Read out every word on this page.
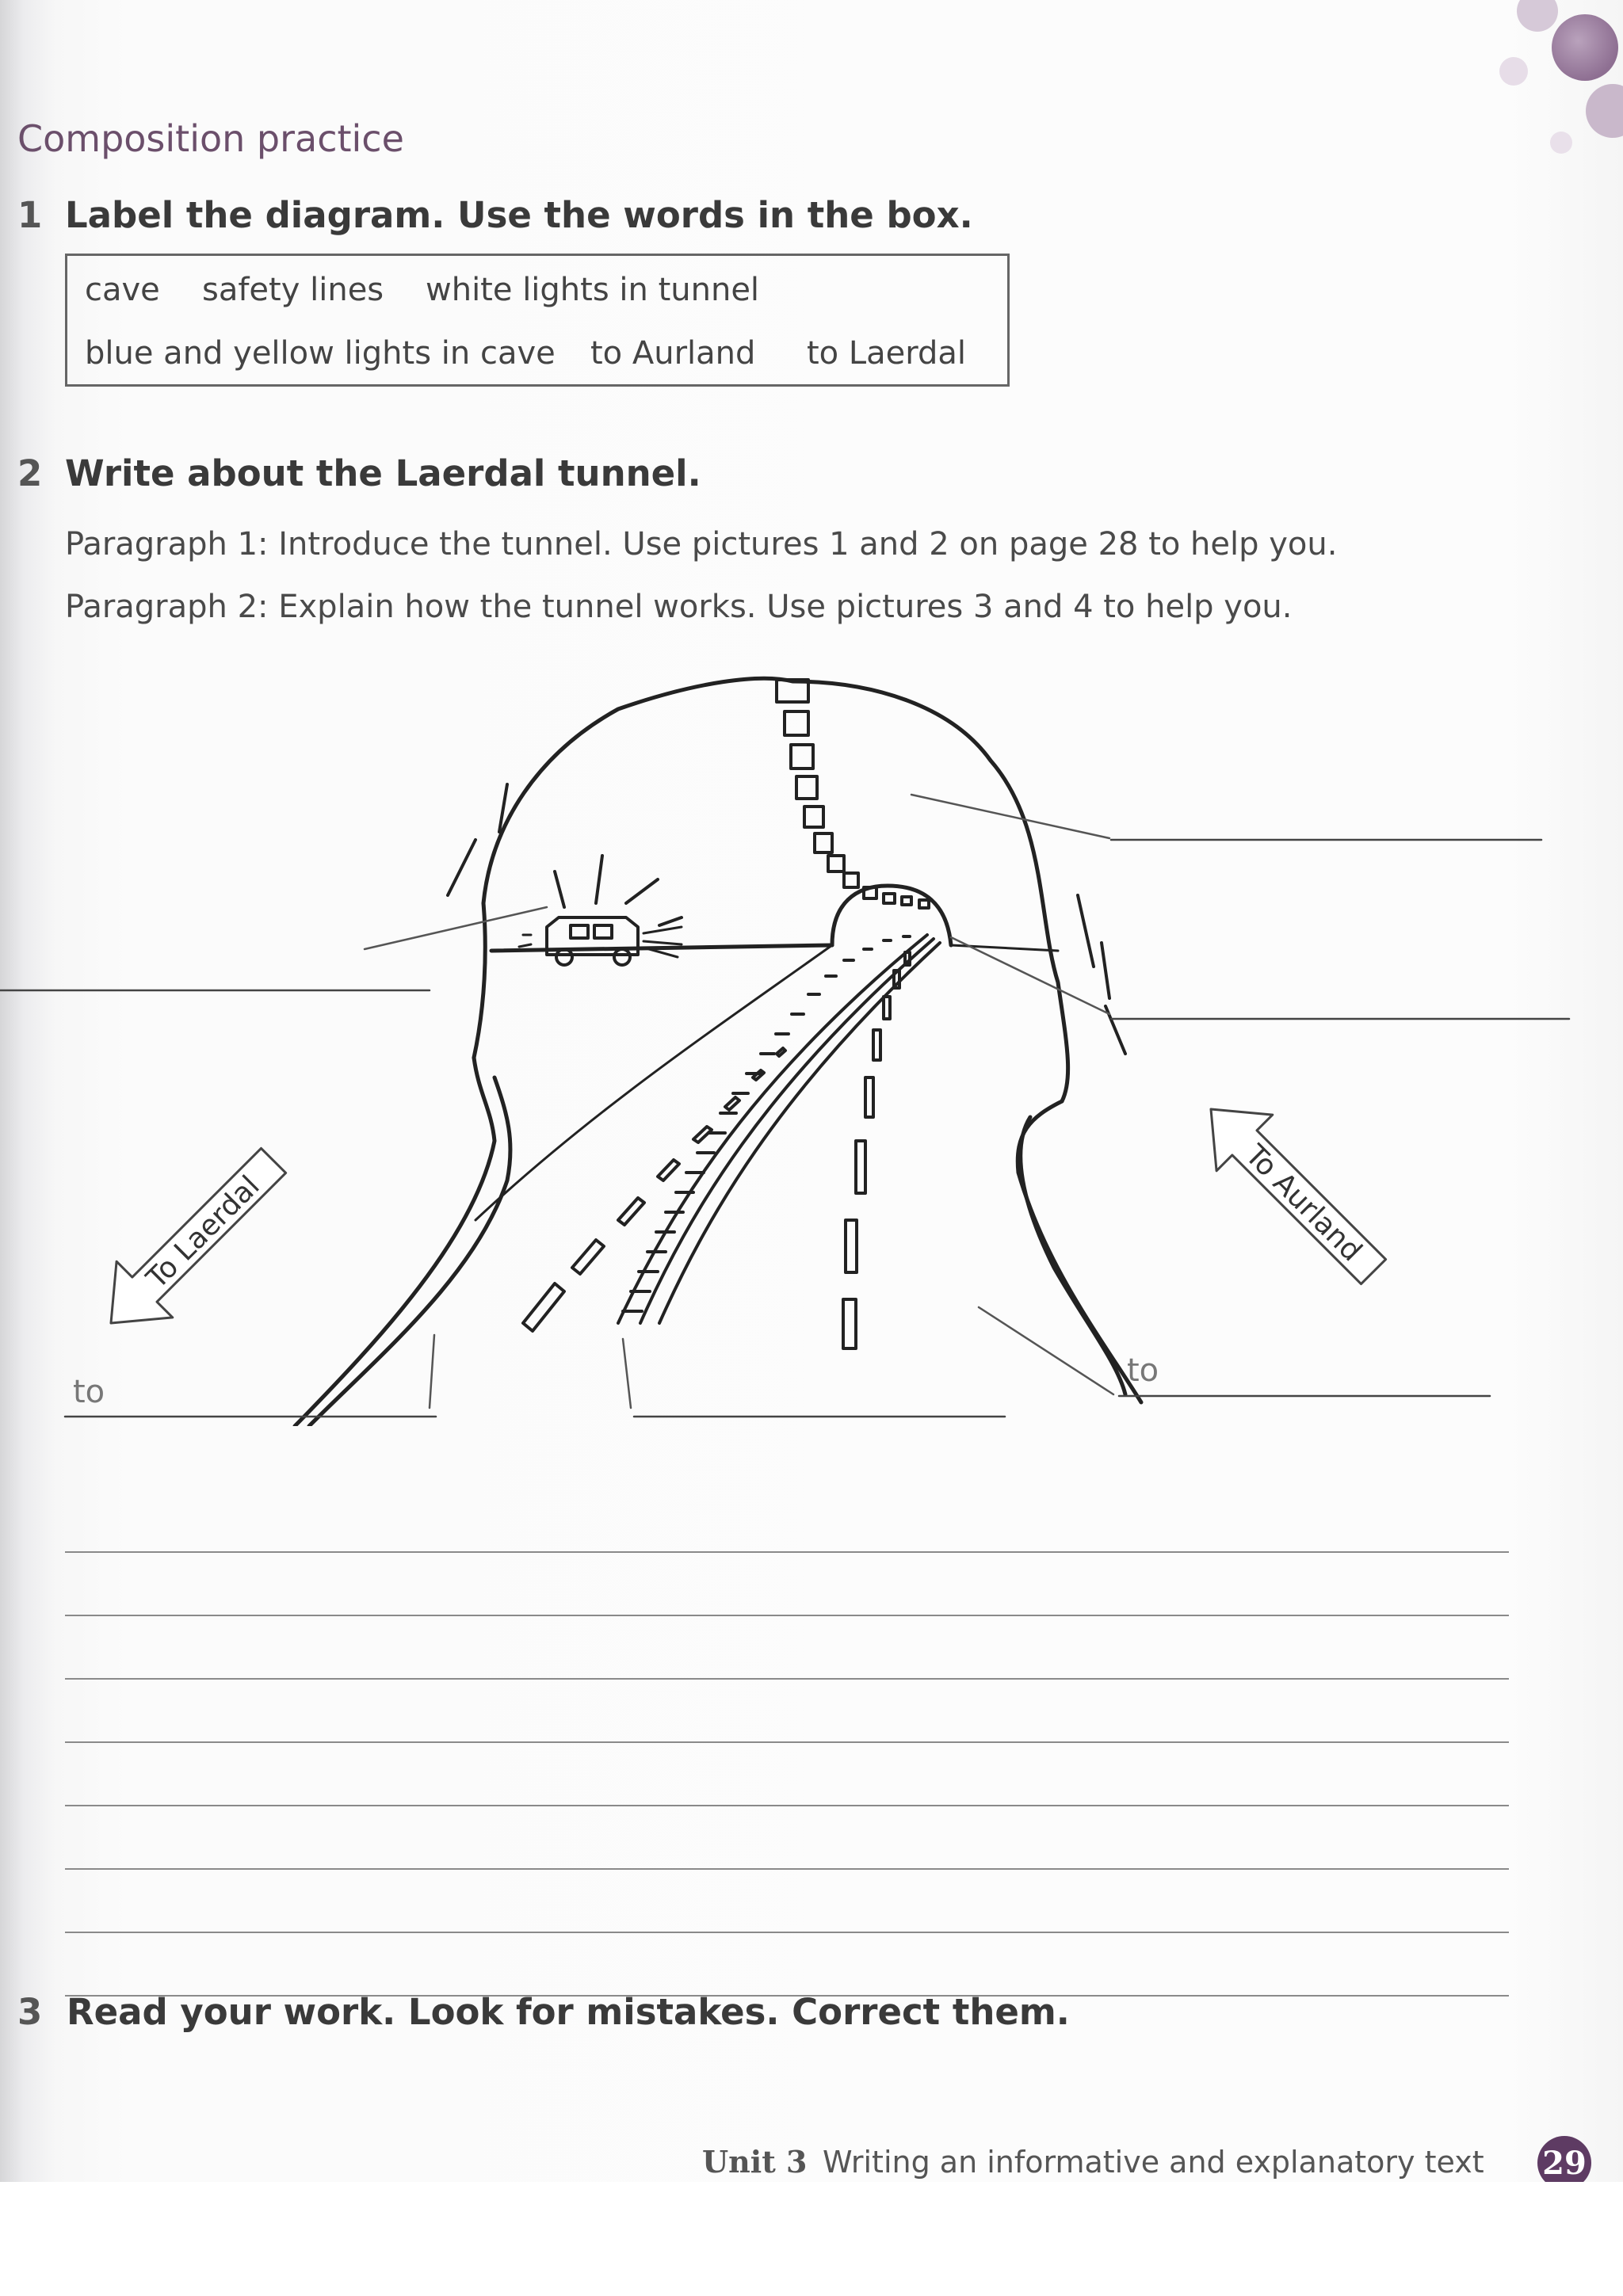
Composition practice
1 Label the diagram. Use the words in the box.
cave safety lines white lights in tunnel
blue and yellow lights in cave to Aurland to Laerdal
2 Write about the Laerdal tunnel.
Paragraph 1: Introduce the tunnel. Use pictures 1 and 2 on page 28 to help you.
Paragraph 2: Explain how the tunnel works. Use pictures 3 and 4 to help you.
To Laerdal	To Aurland
to
to
3 Read your work. Look for mistakes. Correct them.
Unit 3 Writing an informative and explanatory text 29
